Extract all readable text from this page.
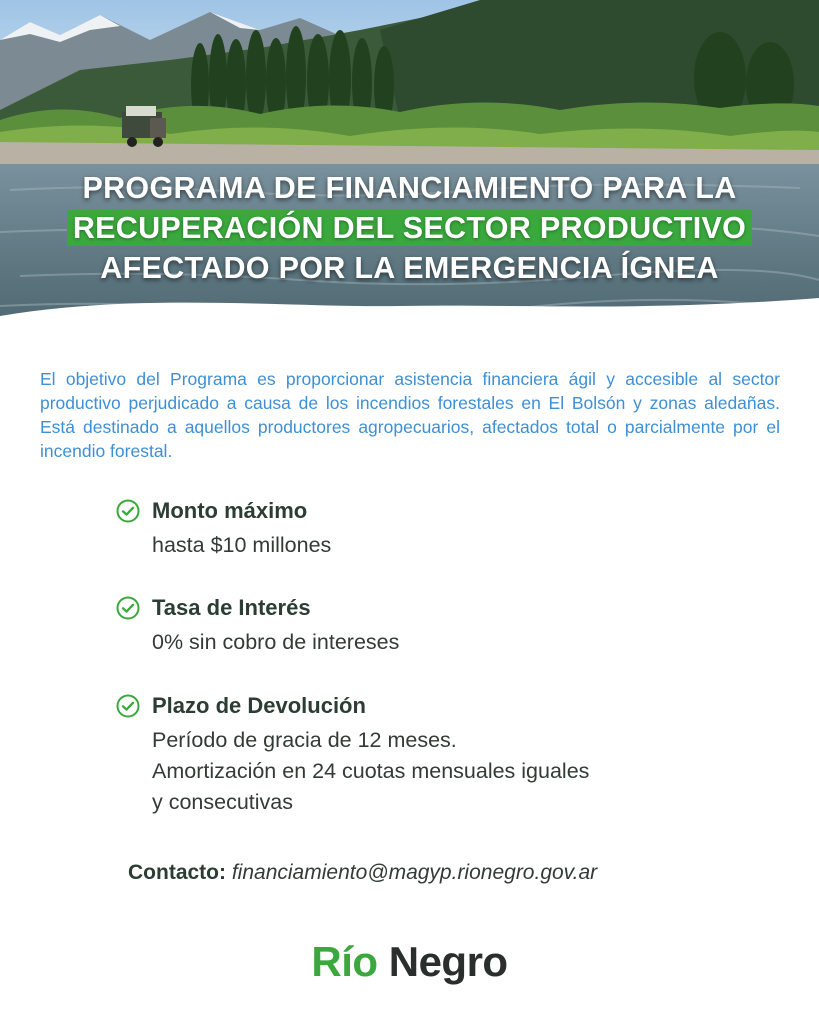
PROGRAMA DE FINANCIAMIENTO PARA LA
RECUPERACIÓN DEL SECTOR PRODUCTIVO
AFECTADO POR LA EMERGENCIA ÍGNEA
El objetivo del Programa es proporcionar asistencia financiera ágil y accesible al sector productivo perjudicado a causa de los incendios forestales en El Bolsón y zonas aledañas. Está destinado a aquellos productores agropecuarios, afectados total o parcialmente por el incendio forestal.
Monto máximo
hasta $10 millones
Tasa de Interés
0% sin cobro de intereses
Plazo de Devolución
Período de gracia de 12 meses.
Amortización en 24 cuotas mensuales iguales
y consecutivas
Contacto: financiamiento@magyp.rionegro.gov.ar
Río Negro
